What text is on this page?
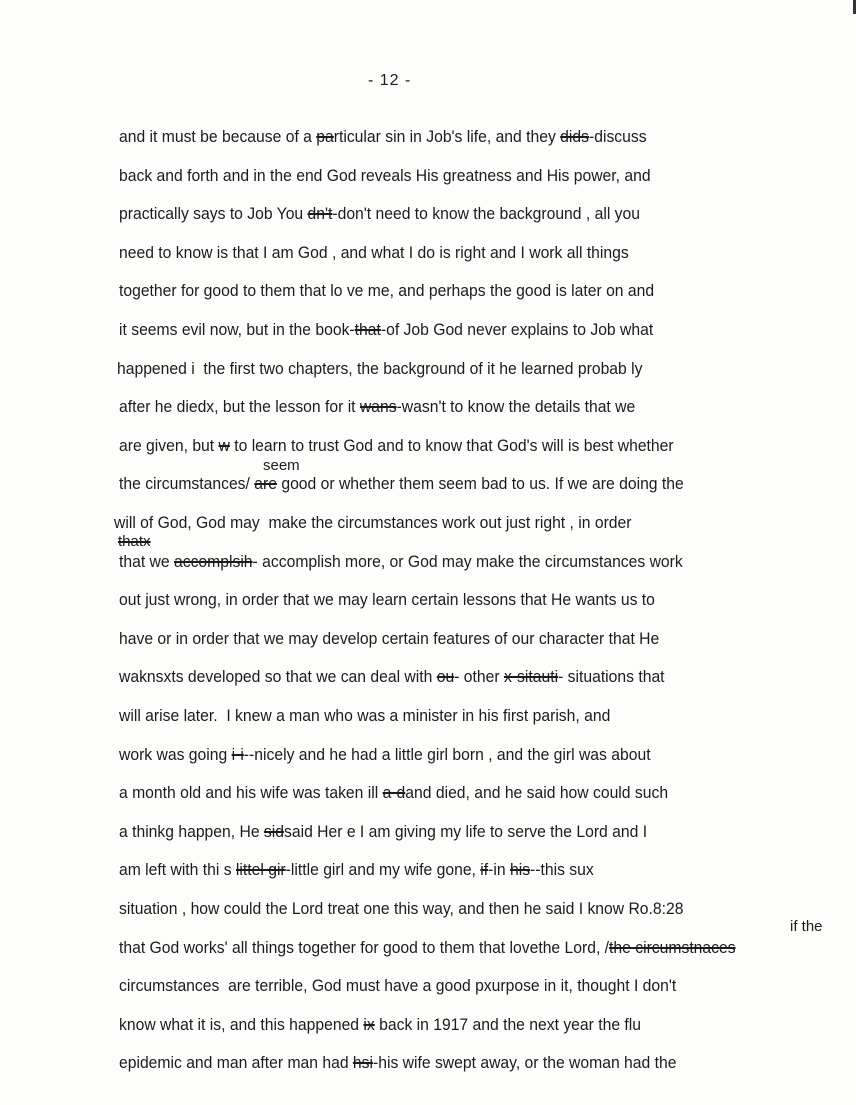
- 12 -
and it must be because of a particular sin in Job's life, and they dids-discuss
back and forth and in the end God reveals His greatness and His power, and
practically says to Job You dn't-don't need to know the background , all you
need to know is that I am God , and what I do is right and I work all things
together for good to them that lo ve me, and perhaps the good is later on and
it seems evil now, but in the book-that-of Job God never explains to Job what
happened i  the first two chapters, the background of it he learned probab ly
after he diedx, but the lesson for it wans-wasn't to know the details that we
are given, but w to learn to trust God and to know that God's will is best whether
the circumstances/ are good or whether them seem bad to us. If we are doing the
will of God, God may  make the circumstances work out just right , in order
that we accomplsih- accomplish more, or God may make the circumstances work
out just wrong, in order that we may learn certain lessons that He wants us to
have or in order that we may develop certain features of our character that He
waknsxts developed so that we can deal with ou- other x-sitauti- situations that
will arise later.  I knew a man who was a minister in his first parish, and
work was going i-i--nicely and he had a little girl born , and the girl was about
a month old and his wife was taken ill a-dand died, and he said how could such
a thinkg happen, He sidsaid Her e I am giving my life to serve the Lord and I
am left with thi s littel gir-little girl and my wife gone, if-in his--this sux
situation , how could the Lord treat one this way, and then he said I know Ro.8:28
that God works' all things together for good to them that lovethe Lord, /the circumstnaces
circumstances  are terrible, God must have a good pxurpose in it, thought I don't
know what it is, and this happened ix back in 1917 and the next year the flu
epidemic and man after man had hsi-his wife swept away, or the woman had the
seem
thatx
if the
